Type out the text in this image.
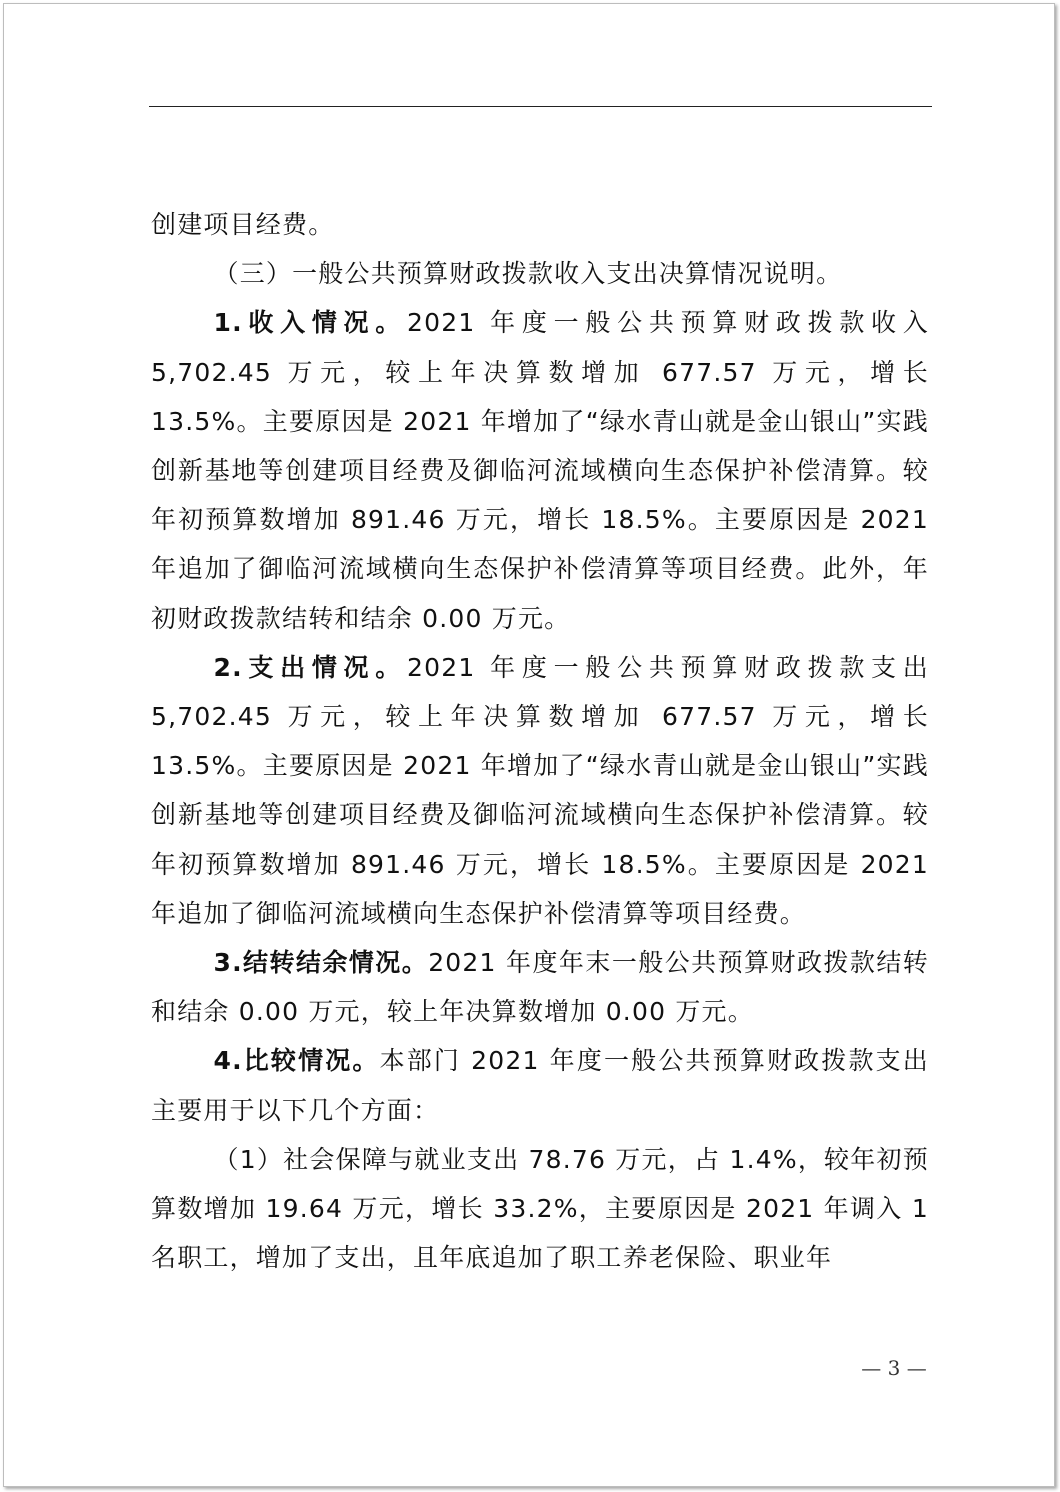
创建项目经费。

（三）一般公共预算财政拨款收入支出决算情况说明。

1.收入情况。2021 年度一般公共预算财政拨款收入 5,702.45 万元，较上年决算数增加 677.57 万元，增长 13.5%。主要原因是 2021 年增加了“绿水青山就是金山银山”实践创新基地等创建项目经费及御临河流域横向生态保护补偿清算。较年初预算数增加 891.46 万元，增长 18.5%。主要原因是 2021 年追加了御临河流域横向生态保护补偿清算等项目经费。此外，年初财政拨款结转和结余 0.00 万元。

2.支出情况。2021 年度一般公共预算财政拨款支出 5,702.45 万元，较上年决算数增加 677.57 万元，增长 13.5%。主要原因是 2021 年增加了“绿水青山就是金山银山”实践创新基地等创建项目经费及御临河流域横向生态保护补偿清算。较年初预算数增加 891.46 万元，增长 18.5%。主要原因是 2021 年追加了御临河流域横向生态保护补偿清算等项目经费。

3.结转结余情况。2021 年度年末一般公共预算财政拨款结转和结余 0.00 万元，较上年决算数增加 0.00 万元。

4.比较情况。本部门 2021 年度一般公共预算财政拨款支出主要用于以下几个方面：

（1）社会保障与就业支出 78.76 万元，占 1.4%，较年初预算数增加 19.64 万元，增长 33.2%，主要原因是 2021 年调入 1 名职工，增加了支出，且年底追加了职工养老保险、职业年

— 3 —
